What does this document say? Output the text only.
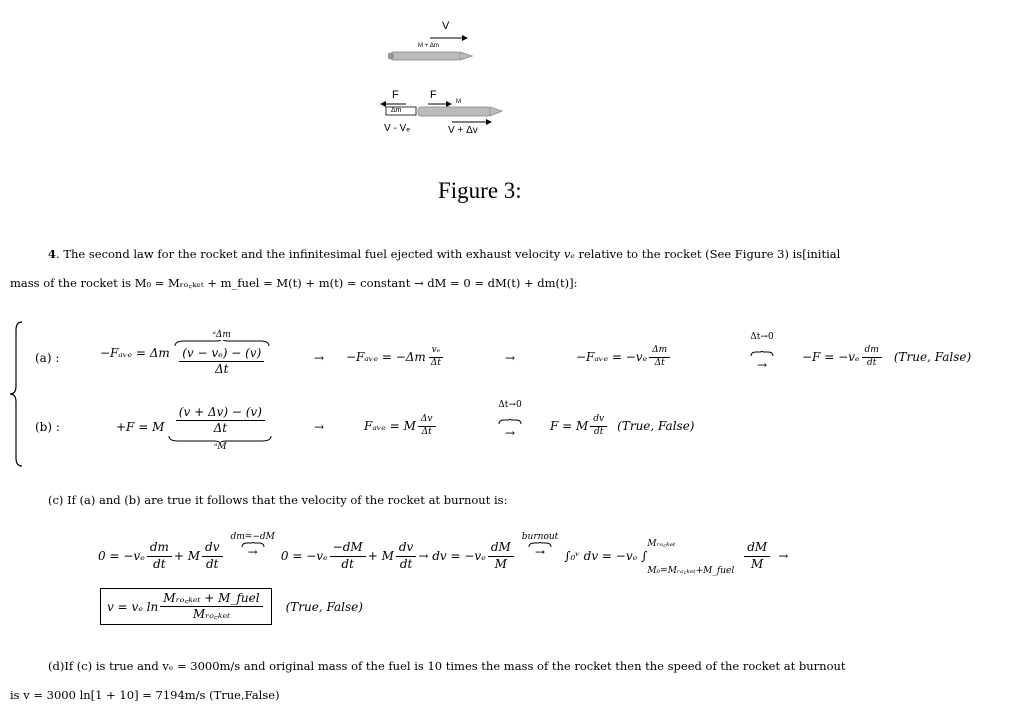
V
M + Δm
F	F
Δm
M
V - Vₑ	V + Δv
Figure 3:
4. The second law for the rocket and the infinitesimal fuel ejected with exhaust velocity vₑ relative to the rocket (See Figure 3) is[initial
mass of the rocket is M₀ = Mᵣₒ꜀ₖₑₜ + m_fuel = M(t) + m(t) = constant → dM = 0 = dM(t) + dm(t)]:
(a) :	−Fₐᵥₑ = Δm
ᵃΔm
$\frac{\text{(v − vₑ) − (v)}}{\Delta t}$	→ −Fₐᵥₑ = $-\Delta m \frac{\text{vₑ}}{\Delta t}$	→	−Fₐᵥₑ = $-v_e \frac{\Delta m}{\Delta t}$
Δt→0
→
$-F = -v_e \frac{dm}{dt}$ (True, False)
(b) :	+F = M $\frac{(v + \Delta v) - (v)}{\Delta t}$
ᵃM
→	Fₐᵥₑ = M $\frac{\Delta v}{\Delta t}$
Δt→0
→	F = M $\frac{dv}{dt}$ (True, False)
(c) If (a) and (b) are true it follows that the velocity of the rocket at burnout is:
$0 = -v_e \frac{dm}{dt} + M \frac{dv}{dt}$
dm=−dM
→ $0 = -v_e \frac{-dM}{dt} + M \frac{dv}{dt}$ → dv = $-v_e \frac{dM}{M}$
burnout
→ ∫₀ᵛ dv = −vₑ ∫
Mᵣₒ꜀ₖₑₜ
M₀=Mᵣₒ꜀ₖₑₜ+M_fuel
$\frac{dM}{M}$ →
v = vₑ $\ln \frac{\text{Mᵣₒ꜀ₖₑₜ + M\_fuel}}{\text{Mᵣₒ꜀ₖₑₜ}}$ (True, False)
(d)If (c) is true and vₑ = 3000m/s and original mass of the fuel is 10 times the mass of the rocket then the speed of the rocket at burnout
is v = 3000 ln[1 + 10] = 7194m/s (True,False)
